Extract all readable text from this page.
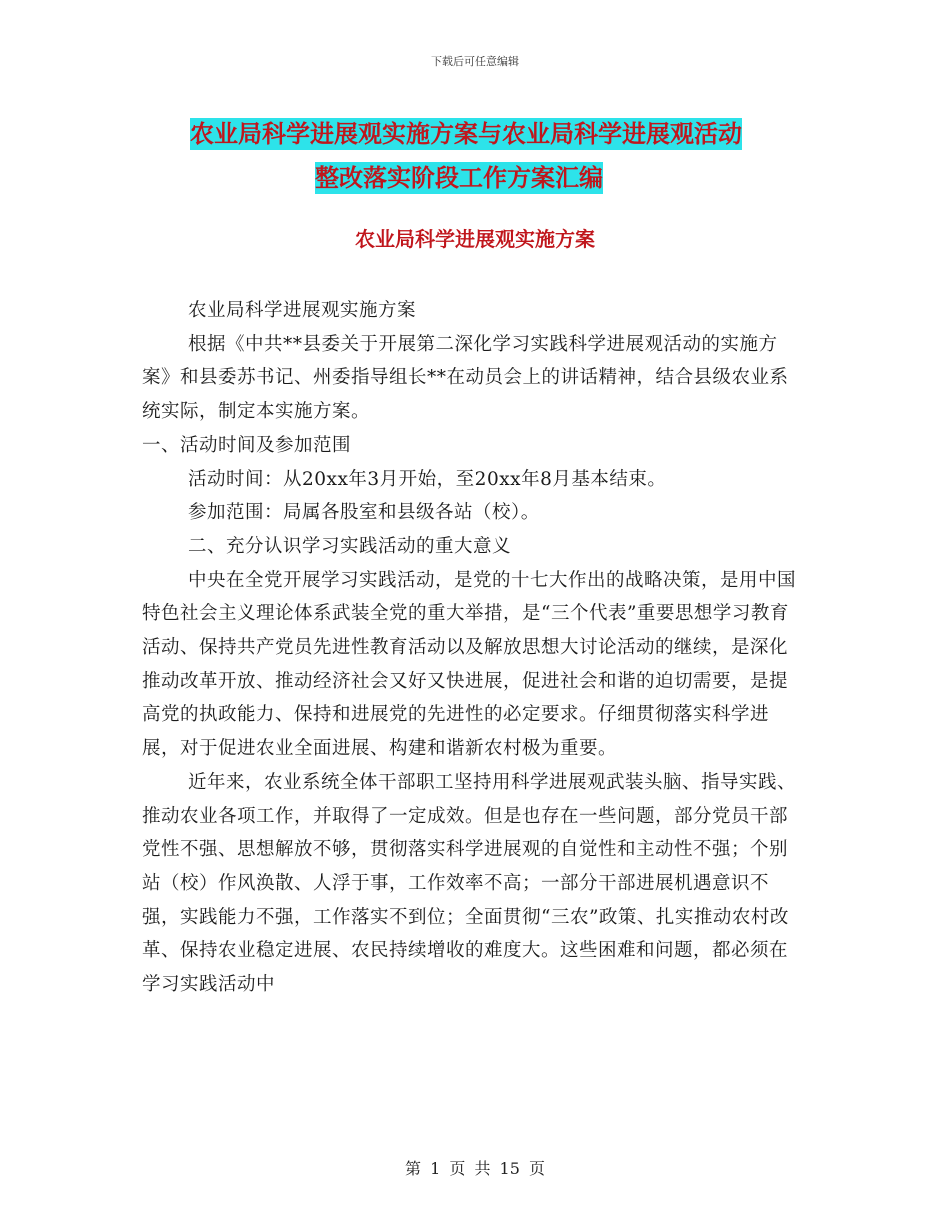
下载后可任意编辑
农业局科学进展观实施方案与农业局科学进展观活动
整改落实阶段工作方案汇编
农业局科学进展观实施方案

农业局科学进展观实施方案

根据《中共**县委关于开展第二深化学习实践科学进展观活动的实施方案》和县委苏书记、州委指导组长**在动员会上的讲话精神，结合县级农业系统实际，制定本实施方案。

一、活动时间及参加范围

活动时间：从20xx年3月开始，至20xx年8月基本结束。

参加范围：局属各股室和县级各站（校）。

二、充分认识学习实践活动的重大意义

中央在全党开展学习实践活动，是党的十七大作出的战略决策，是用中国特色社会主义理论体系武装全党的重大举措，是“三个代表”重要思想学习教育活动、保持共产党员先进性教育活动以及解放思想大讨论活动的继续，是深化推动改革开放、推动经济社会又好又快进展，促进社会和谐的迫切需要，是提高党的执政能力、保持和进展党的先进性的必定要求。仔细贯彻落实科学进展，对于促进农业全面进展、构建和谐新农村极为重要。

近年来，农业系统全体干部职工坚持用科学进展观武装头脑、指导实践、推动农业各项工作，并取得了一定成效。但是也存在一些问题，部分党员干部党性不强、思想解放不够，贯彻落实科学进展观的自觉性和主动性不强；个别站（校）作风涣散、人浮于事，工作效率不高；一部分干部进展机遇意识不强，实践能力不强，工作落实不到位；全面贯彻“三农”政策、扎实推动农村改革、保持农业稳定进展、农民持续增收的难度大。这些困难和问题，都必须在学习实践活动中

第 1 页 共 15 页
